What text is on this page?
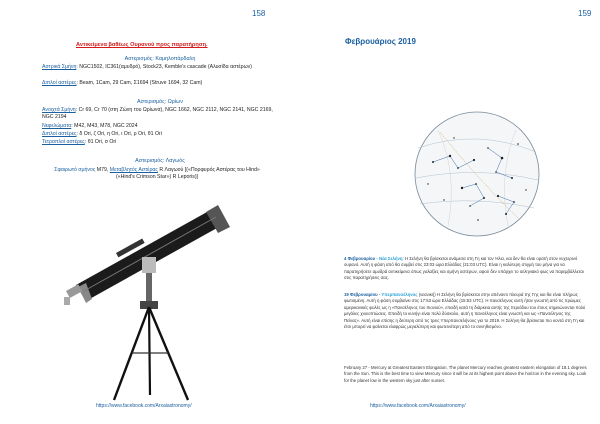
158
Αντικείμενα βαθέως Ουρανού προς παρατήρηση.
Αστερισμός: Καμηλοπάρδαλη
Αστρικά Σμήνη: NGC1502, IC361(αμυδρό), Stock23, Kemble's cascade (Αλυσίδα αστέρων)
Διπλοί αστέρες: Beam, 1Cam, 29 Cam, Σ1694 (Struve 1694, 32 Cam)
Αστερισμός: Ωρίων
Ανοιχτά Σμήνη: Cr 69, Cr 70 (στη Ζώνη του Ωρίωνα), NGC 1662, NGC 2112, NGC 2141, NGC 2169, NGC 2194
Νεφελώματα: M42, M43, M78, NGC 2024
Διπλοί αστέρες: δ Ori, ζ Ori, η Ori, ι Ori, ρ Ori, θ1 Ori
Τετραπλοί αστέρες: θ1 Ori, σ Ori
Αστερισμός: Λαγωός
Σφαιρωτό σμήνος Μ79, Μεταβλητός Αστέρας R Λαγωού [(«Πορφυρός Αστέρας του Hind» («Hind's Crimson Star») R Leporis)]
https://www.facebook.com/Arxaiastronomy/
159
Φεβρουάριος 2019
4 Φεβρουαρίου - Νέα Σελήνη: Η Σελήνη θα βρίσκεται ανάμεσα στη Γη και τον Ήλιο, και δεν θα είναι ορατή στον νυχτερινό ουρανό. Αυτή η φάση από θα συμβεί στις 23:03 ώρα Ελλάδας (21:03 UTC). Είναι η καλύτερη στιγμή του μήνα για να παρατηρήσετε αμυδρά αντικείμενα όπως γαλαξίες και σμήνη αστέρων, αφού δεν υπάρχει το σεληνιακό φως να παρεμβάλλεται στις παρατηρήσεις σας.
19 Φεβρουαρίου - Υπερπανσέληνος (νεανική) Η Σελήνη θα βρίσκεται στην απέναντι πλευρά της Γης και θα είναι πλήρως φωτισμένη. Αυτή η φάση συμβαίνει στις 17:53 ώρα Ελλάδας (15:53 UTC). Η πανσέληνος αυτή ήταν γνωστή από τις πρώιμες αμερικανικές φυλές ως η «Πανσέληνος του Χιονιού», επειδή κατά τη διάρκεια αυτής της περιόδου του έτους σημειώνονται πολύ μεγάλες χιονοπτώσεις. Επειδή το κυνήγι είναι πολύ δύσκολο, αυτή η πανσέληνος είναι γνωστή και ως «Πανσέληνος της Πείνας». Αυτή είναι επίσης η δεύτερη από τις τρεις Υπερπανσελήνους για το 2019. Η Σελήνη θα βρίσκεται πιο κοντά στη Γη και έτσι μπορεί να φαίνεται ελαφρώς μεγαλύτερη και φωτεινότερη από το συνηθισμένο.
February 27 - Mercury at Greatest Eastern Elongation. The planet Mercury reaches greatest eastern elongation of 18.1 degrees from the Sun. This is the best time to view Mercury since it will be at its highest point above the horizon in the evening sky. Look for the planet low in the western sky just after sunset.
https://www.facebook.com/Arxaiastronomy/
